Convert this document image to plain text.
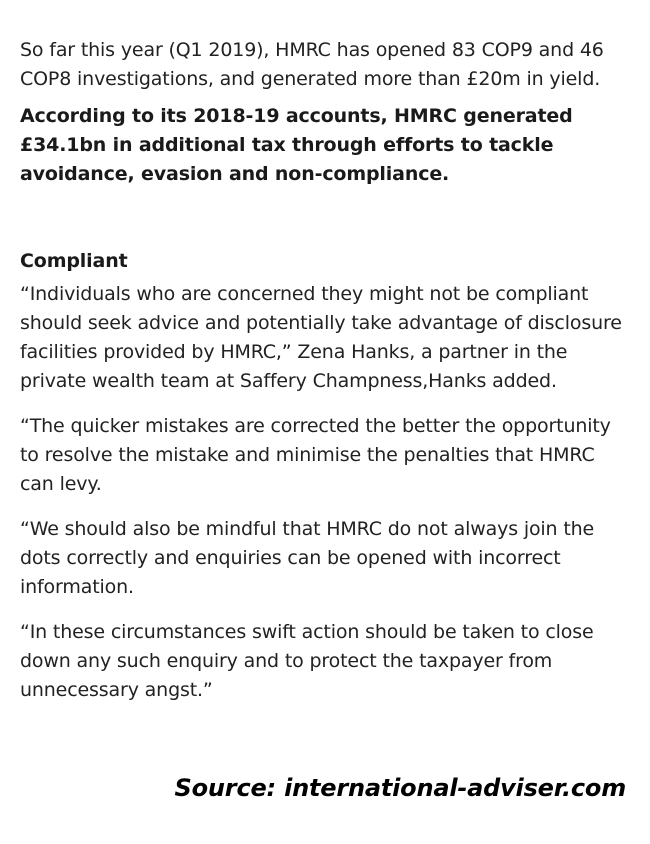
So far this year (Q1 2019), HMRC has opened 83 COP9 and 46 COP8 investigations, and generated more than £20m in yield.

According to its 2018-19 accounts, HMRC generated £34.1bn in additional tax through efforts to tackle avoidance, evasion and non-compliance.

Compliant

“Individuals who are concerned they might not be compliant should seek advice and potentially take advantage of disclosure facilities provided by HMRC,” Zena Hanks, a partner in the private wealth team at Saffery Champness,Hanks added.

“The quicker mistakes are corrected the better the opportunity to resolve the mistake and minimise the penalties that HMRC can levy.

“We should also be mindful that HMRC do not always join the dots correctly and enquiries can be opened with incorrect information.

“In these circumstances swift action should be taken to close down any such enquiry and to protect the taxpayer from unnecessary angst.”

Source: international-adviser.com
